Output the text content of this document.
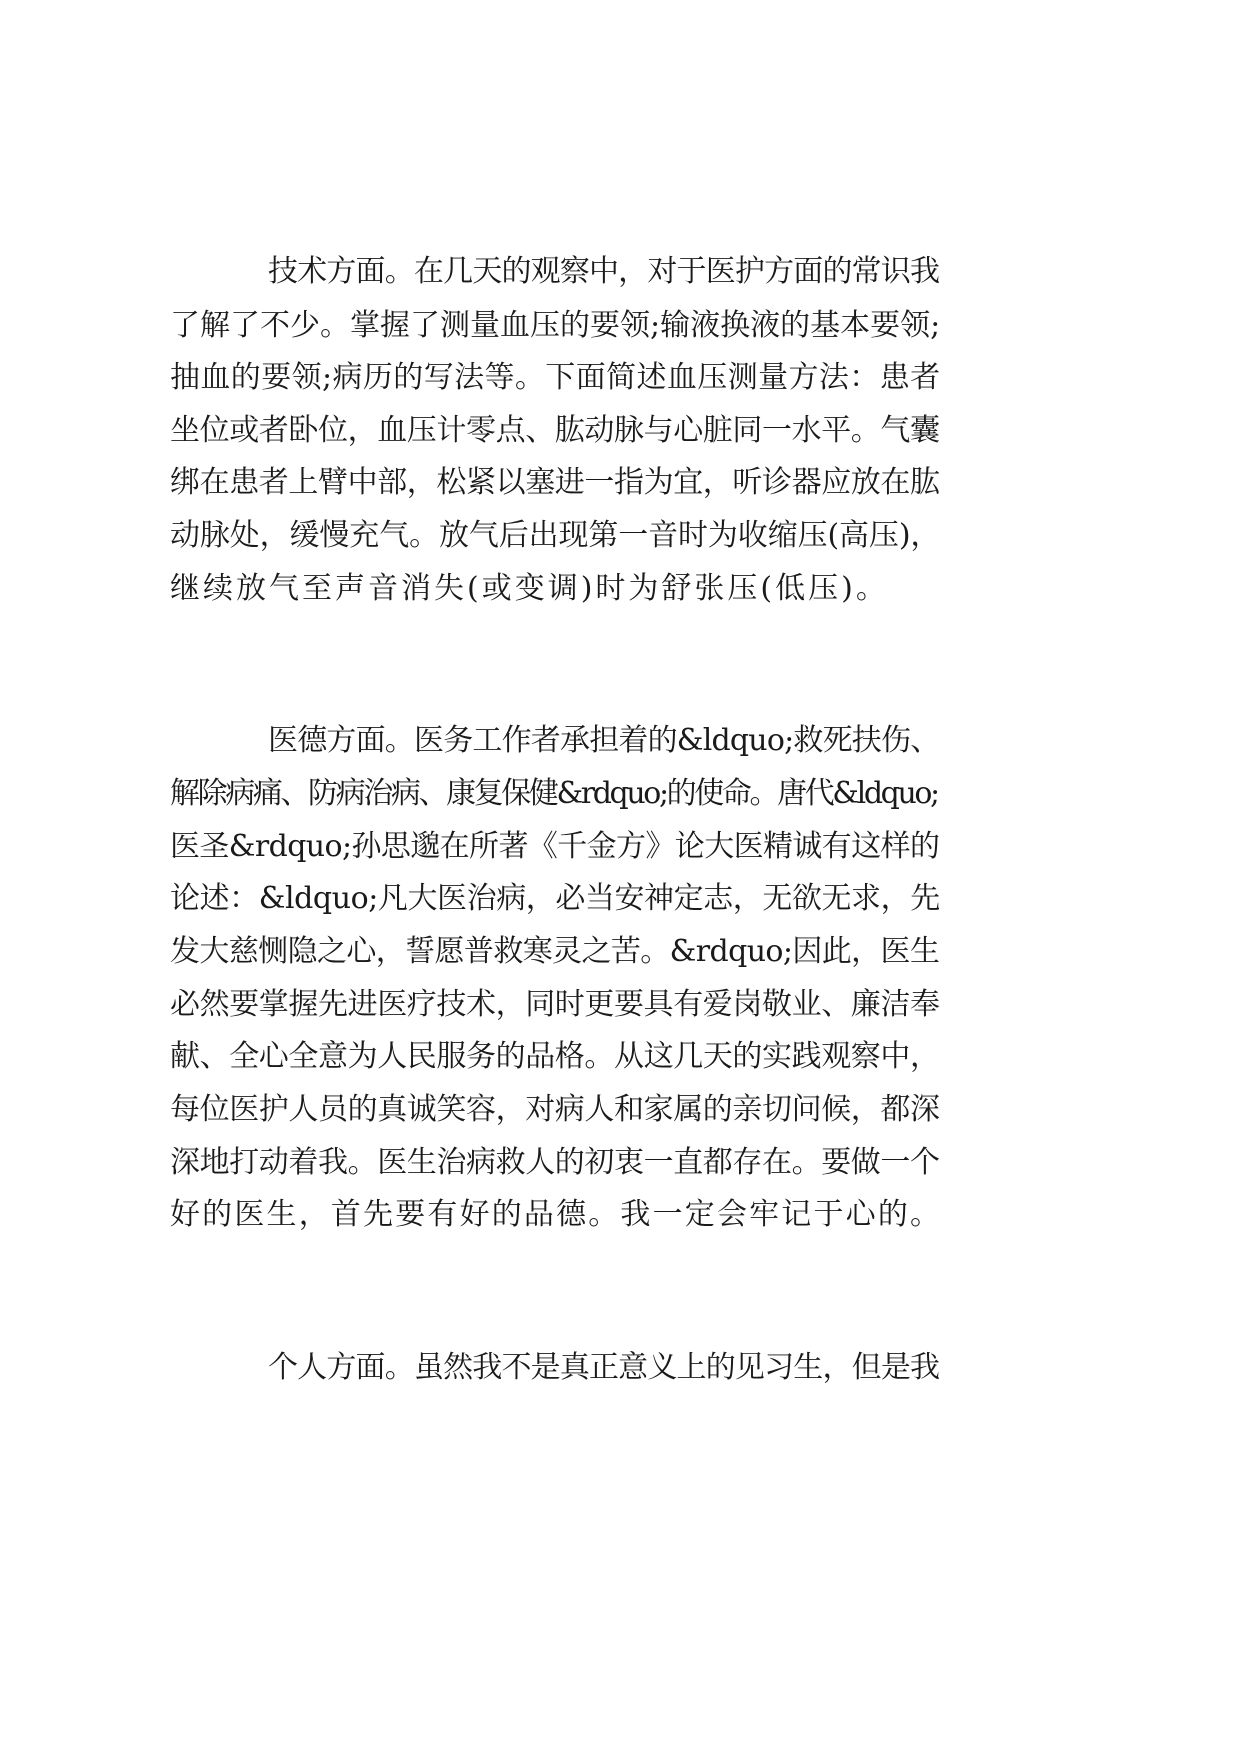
技术方面。在几天的观察中，对于医护方面的常识我
了解了不少。掌握了测量血压的要领;输液换液的基本要领;
抽血的要领;病历的写法等。下面简述血压测量方法：患者
坐位或者卧位，血压计零点、肱动脉与心脏同一水平。气囊
绑在患者上臂中部，松紧以塞进一指为宜，听诊器应放在肱
动脉处，缓慢充气。放气后出现第一音时为收缩压(高压)，
继续放气至声音消失(或变调)时为舒张压(低压)。
医德方面。医务工作者承担着的&ldquo;救死扶伤、
解除病痛、防病治病、康复保健&rdquo;的使命。唐代&ldquo;
医圣&rdquo;孙思邈在所著《千金方》论大医精诚有这样的
论述：&ldquo;凡大医治病，必当安神定志，无欲无求，先
发大慈恻隐之心，誓愿普救寒灵之苦。&rdquo;因此，医生
必然要掌握先进医疗技术，同时更要具有爱岗敬业、廉洁奉
献、全心全意为人民服务的品格。从这几天的实践观察中，
每位医护人员的真诚笑容，对病人和家属的亲切问候，都深
深地打动着我。医生治病救人的初衷一直都存在。要做一个
好的医生，首先要有好的品德。我一定会牢记于心的。
个人方面。虽然我不是真正意义上的见习生，但是我
